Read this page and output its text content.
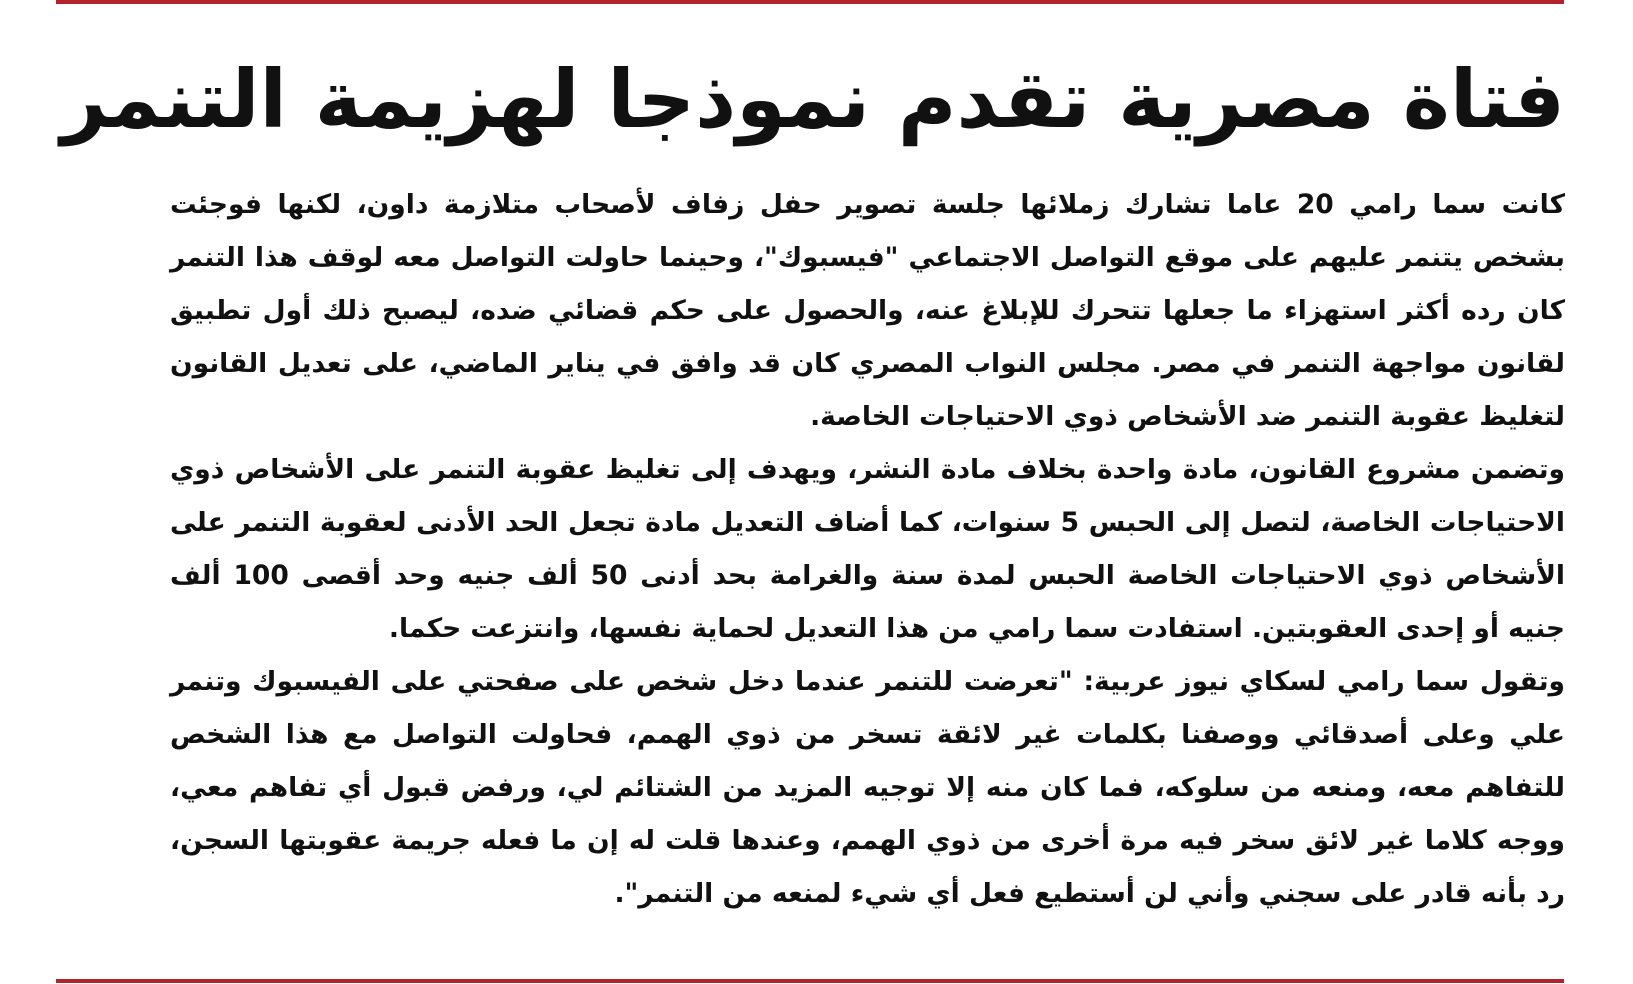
فتاة مصرية تقدم نموذجا لهزيمة التنمر

كانت سما رامي 20 عاما تشارك زملائها جلسة تصوير حفل زفاف لأصحاب متلازمة داون، لكنها فوجئت بشخص يتنمر عليهم على موقع التواصل الاجتماعي "فيسبوك"، وحينما حاولت التواصل معه لوقف هذا التنمر كان رده أكثر استهزاء ما جعلها تتحرك للإبلاغ عنه، والحصول على حكم قضائي ضده، ليصبح ذلك أول تطبيق لقانون مواجهة التنمر في مصر. مجلس النواب المصري كان قد وافق في يناير الماضي، على تعديل القانون لتغليظ عقوبة التنمر ضد الأشخاص ذوي الاحتياجات الخاصة.

وتضمن مشروع القانون، مادة واحدة بخلاف مادة النشر، ويهدف إلى تغليظ عقوبة التنمر على الأشخاص ذوي الاحتياجات الخاصة، لتصل إلى الحبس 5 سنوات، كما أضاف التعديل مادة تجعل الحد الأدنى لعقوبة التنمر على الأشخاص ذوي الاحتياجات الخاصة الحبس لمدة سنة والغرامة بحد أدنى 50 ألف جنيه وحد أقصى 100 ألف جنيه أو إحدى العقوبتين. استفادت سما رامي من هذا التعديل لحماية نفسها، وانتزعت حكما.

وتقول سما رامي لسكاي نيوز عربية: "تعرضت للتنمر عندما دخل شخص على صفحتي على الفيسبوك وتنمر علي وعلى أصدقائي ووصفنا بكلمات غير لائقة تسخر من ذوي الهمم، فحاولت التواصل مع هذا الشخص للتفاهم معه، ومنعه من سلوكه، فما كان منه إلا توجيه المزيد من الشتائم لي، ورفض قبول أي تفاهم معي، ووجه كلاما غير لائق سخر فيه مرة أخرى من ذوي الهمم، وعندها قلت له إن ما فعله جريمة عقوبتها السجن، رد بأنه قادر على سجني وأني لن أستطيع فعل أي شيء لمنعه من التنمر".
